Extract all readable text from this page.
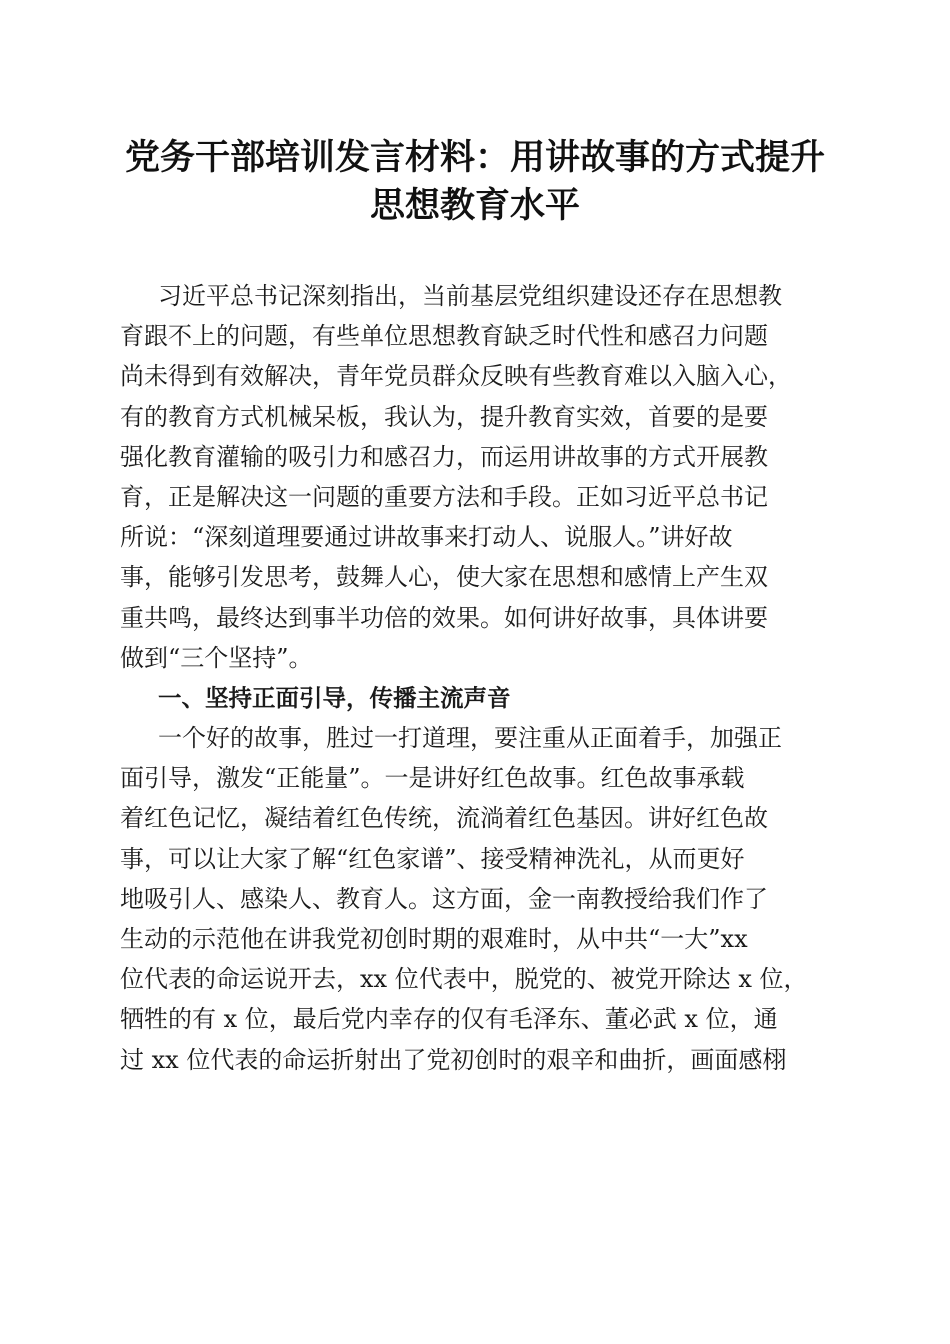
党务干部培训发言材料：用讲故事的方式提升
思想教育水平
习近平总书记深刻指出，当前基层党组织建设还存在思想教
育跟不上的问题，有些单位思想教育缺乏时代性和感召力问题
尚未得到有效解决，青年党员群众反映有些教育难以入脑入心，
有的教育方式机械呆板，我认为，提升教育实效，首要的是要
强化教育灌输的吸引力和感召力，而运用讲故事的方式开展教
育，正是解决这一问题的重要方法和手段。正如习近平总书记
所说：“深刻道理要通过讲故事来打动人、说服人。”讲好故
事，能够引发思考，鼓舞人心，使大家在思想和感情上产生双
重共鸣，最终达到事半功倍的效果。如何讲好故事，具体讲要
做到“三个坚持”。
一、坚持正面引导，传播主流声音
一个好的故事，胜过一打道理，要注重从正面着手，加强正
面引导，激发“正能量”。一是讲好红色故事。红色故事承载
着红色记忆，凝结着红色传统，流淌着红色基因。讲好红色故
事，可以让大家了解“红色家谱”、接受精神洗礼，从而更好
地吸引人、感染人、教育人。这方面，金一南教授给我们作了
生动的示范他在讲我党初创时期的艰难时，从中共“一大”xx
位代表的命运说开去，xx 位代表中，脱党的、被党开除达 x 位，
牺牲的有 x 位，最后党内幸存的仅有毛泽东、董必武 x 位，通
过 xx 位代表的命运折射出了党初创时的艰辛和曲折，画面感栩
